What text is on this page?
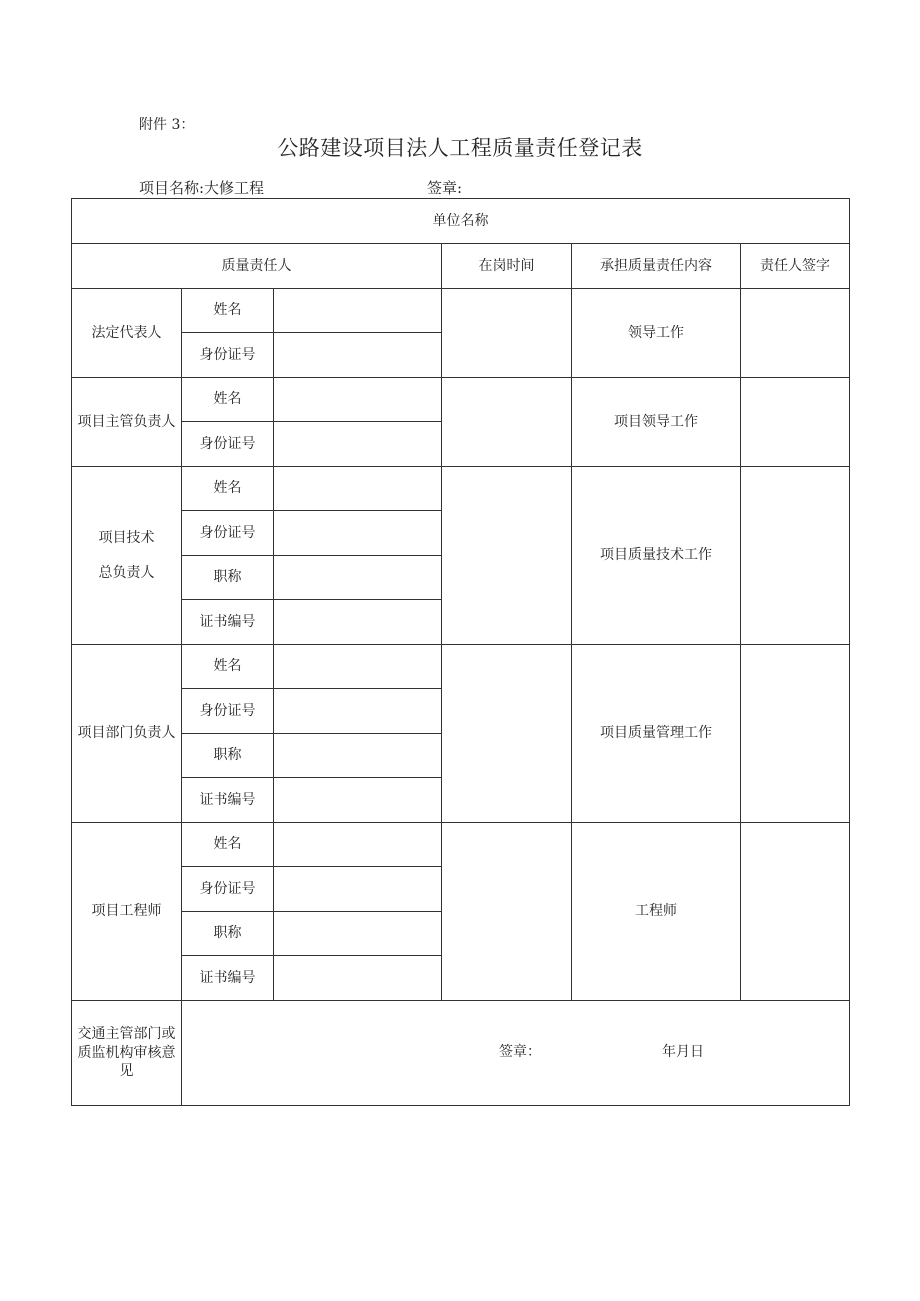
附件 3：
公路建设项目法人工程质量责任登记表
项目名称:大修工程	签章:
单位名称					
质量责任人			在岗时间	承担质量责任内容	责任人签字
法定代表人	姓名			领导工作	
	身份证号				
项目主管负责人	姓名			项目领导工作	
	身份证号				

项目技术
总负责人	姓名			项目质量技术工作	
	身份证号				
	职称				
	证书编号				
项目部门负责人	姓名			项目质量管理工作	
	身份证号				
	职称				
	证书编号				
项目工程师	姓名			工程师	
	身份证号				
	职称				
	证书编号				
交通主管部门或质监机构审核意见	签章： 年月日				
